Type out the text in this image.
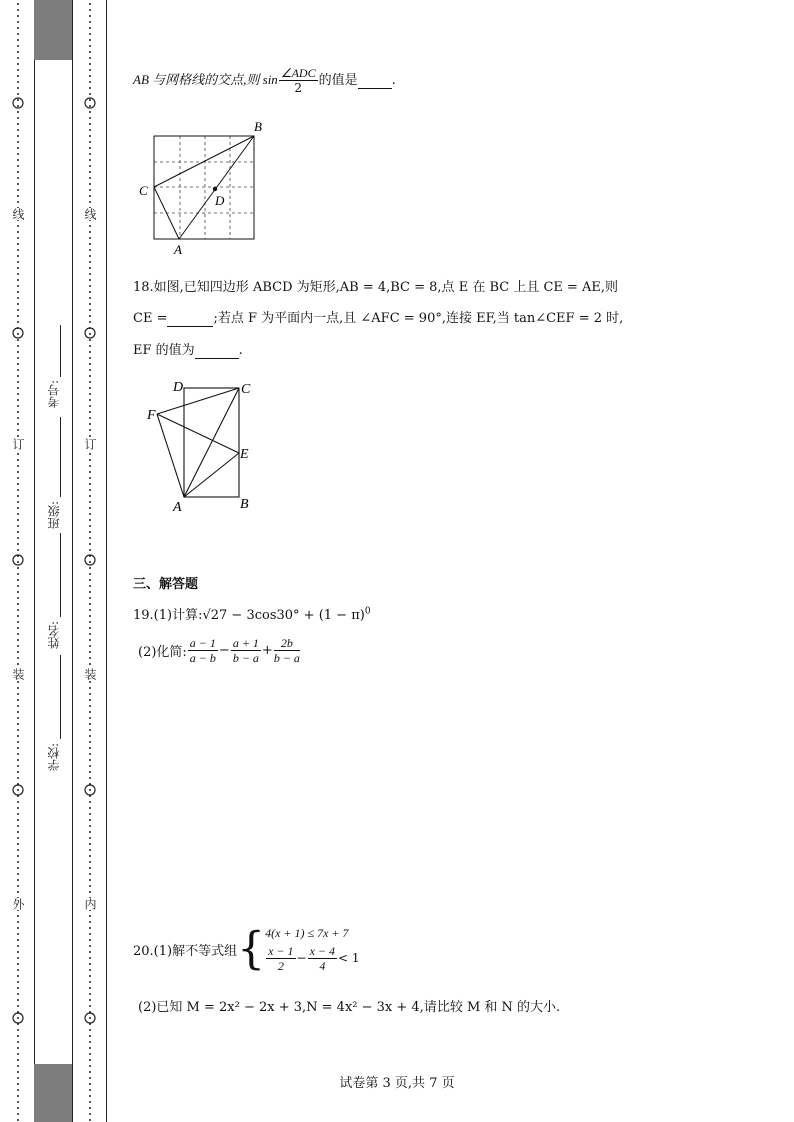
线
订
装
外
线
订
装
内
学校:
姓名:
班级:
考号:
AB 与网格线的交点,则 $\sin \frac{\text{∠ADC}}{2}$ 的值是	.
B
C
D
A
18.如图,已知四边形 ABCD 为矩形,AB = 4,BC = 8,点 E 在 BC 上且 CE = AE,则
CE =	;若点 F 为平面内一点,且 ∠AFC = 90°,连接 EF,当 tan∠CEF = 2 时,
EF 的值为	.
D	C
F
E
A	B
三、解答题
19.(1)计算:√27 − $3\cos 30^\circ + (1 - \pi)^0$
(2)化简: $\frac{a - 1}{a - b} - \frac{a + 1}{b - a} + \frac{2b}{b - a}$
20.(1)解不等式组{ 4(x + 1) ≤ 7x + 7
$\frac{x - 1}{2} - \frac{x - 4}{4} < 1$
(2)已知 M = 2x² − 2x + 3,N = 4x² − 3x + 4,请比较 M 和 N 的大小.
试卷第 3 页,共 7 页
